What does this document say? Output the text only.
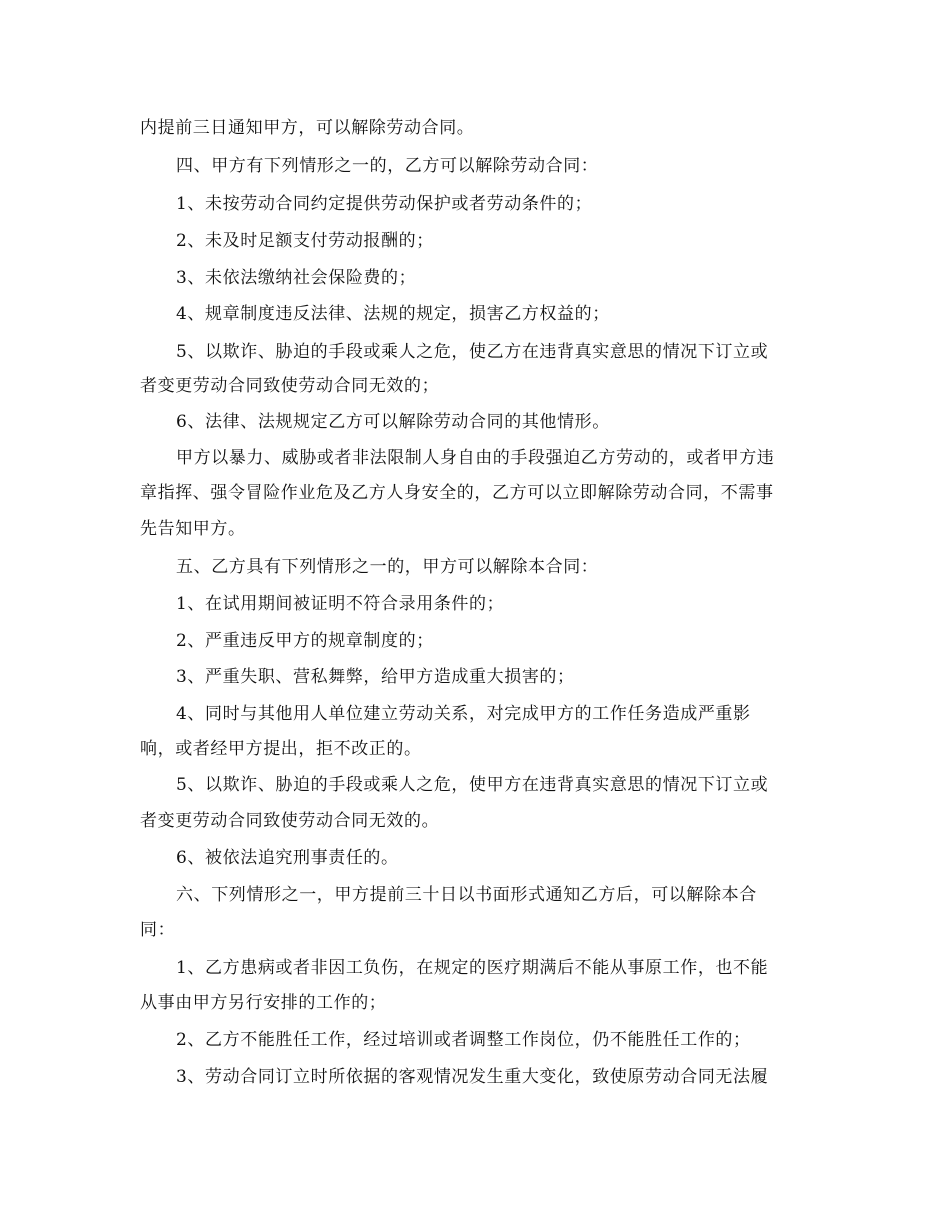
内提前三日通知甲方，可以解除劳动合同。
四、甲方有下列情形之一的，乙方可以解除劳动合同：
1、未按劳动合同约定提供劳动保护或者劳动条件的；
2、未及时足额支付劳动报酬的；
3、未依法缴纳社会保险费的；
4、规章制度违反法律、法规的规定，损害乙方权益的；
5、以欺诈、胁迫的手段或乘人之危，使乙方在违背真实意思的情况下订立或
者变更劳动合同致使劳动合同无效的；
6、法律、法规规定乙方可以解除劳动合同的其他情形。
甲方以暴力、威胁或者非法限制人身自由的手段强迫乙方劳动的，或者甲方违
章指挥、强令冒险作业危及乙方人身安全的，乙方可以立即解除劳动合同，不需事
先告知甲方。
五、乙方具有下列情形之一的，甲方可以解除本合同：
1、在试用期间被证明不符合录用条件的；
2、严重违反甲方的规章制度的；
3、严重失职、营私舞弊，给甲方造成重大损害的；
4、同时与其他用人单位建立劳动关系，对完成甲方的工作任务造成严重影
响，或者经甲方提出，拒不改正的。
5、以欺诈、胁迫的手段或乘人之危，使甲方在违背真实意思的情况下订立或
者变更劳动合同致使劳动合同无效的。
6、被依法追究刑事责任的。
六、下列情形之一，甲方提前三十日以书面形式通知乙方后，可以解除本合
同：
1、乙方患病或者非因工负伤，在规定的医疗期满后不能从事原工作，也不能
从事由甲方另行安排的工作的；
2、乙方不能胜任工作，经过培训或者调整工作岗位，仍不能胜任工作的；
3、劳动合同订立时所依据的客观情况发生重大变化，致使原劳动合同无法履
